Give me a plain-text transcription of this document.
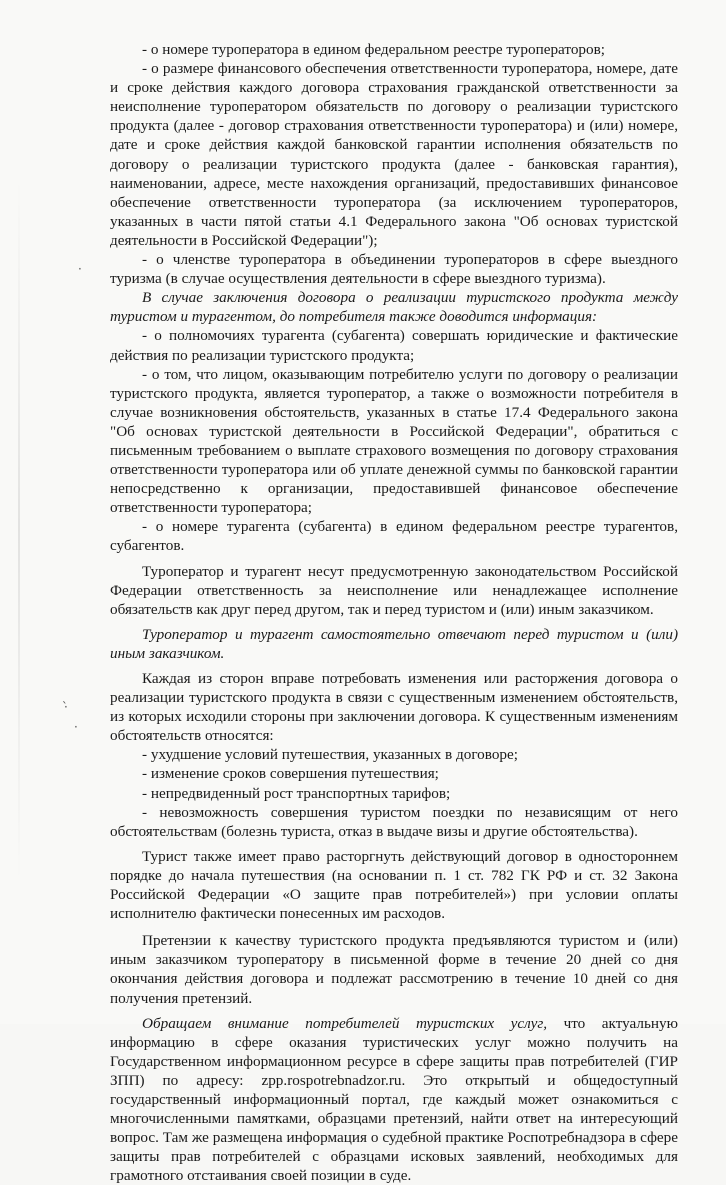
·
·̀
·

- о номере туроператора в едином федеральном реестре туроператоров;

- о размере финансового обеспечения ответственности туроператора, номере, дате и сроке действия каждого договора страхования гражданской ответственности за неисполнение туроператором обязательств по договору о реализации туристского продукта (далее - договор страхования ответственности туроператора) и (или) номере, дате и сроке действия каждой банковской гарантии исполнения обязательств по договору о реализации туристского продукта (далее - банковская гарантия), наименовании, адресе, месте нахождения организаций, предоставивших финансовое обеспечение ответственности туроператора (за исключением туроператоров, указанных в части пятой статьи 4.1 Федерального закона "Об основах туристской деятельности в Российской Федерации");

- о членстве туроператора в объединении туроператоров в сфере выездного туризма (в случае осуществления деятельности в сфере выездного туризма).

В случае заключения договора о реализации туристского продукта между туристом и турагентом, до потребителя также доводится информация:

- о полномочиях турагента (субагента) совершать юридические и фактические действия по реализации туристского продукта;

- о том, что лицом, оказывающим потребителю услуги по договору о реализации туристского продукта, являетcя туроператор, а также о возможности потребителя в случае возникновения обстоятельств, указанных в статье 17.4 Федерального закона "Об основах туристской деятельности в Российской Федерации", обратиться с письменным требованием о выплате страхового возмещения по договору страхования ответственности туроператора или об уплате денежной суммы по банковской гарантии непосредственно к организации, предоставившей финансовое обеспечение ответственности туроператора;

- о номере турагента (субагента) в едином федеральном реестре турагентов, субагентов.

Туроператор и турагент несут предусмотренную законодательством Российской Федерации ответственность за неисполнение или ненадлежащее исполнение обязательств как друг перед другом, так и перед туристом и (или) иным заказчиком.

Туроператор и турагент самостоятельно отвечают перед туристом и (или) иным заказчиком.

Каждая из сторон вправе потребовать изменения или расторжения договора о реализации туристского продукта в связи с существенным изменением обстоятельств, из которых исходили стороны при заключении договора. К существенным изменениям обстоятельств относятся:

- ухудшение условий путешествия, указанных в договоре;

- изменение сроков совершения путешествия;

- непредвиденный рост транспортных тарифов;

- невозможность совершения туристом поездки по независящим от него обстоятельствам (болезнь туриста, отказ в выдаче визы и другие обстоятельства).

Турист также имеет право расторгнуть действующий договор в одностороннем порядке до начала путешествия (на основании п. 1 ст. 782 ГК РФ и ст. 32 Закона Российской Федерации «О защите прав потребителей») при условии оплаты исполнителю фактически понесенных им расходов.

Претензии к качеству туристского продукта предъявляются туристом и (или) иным заказчиком туроператору в письменной форме в течение 20 дней со дня окончания действия договора и подлежат рассмотрению в течение 10 дней со дня получения претензий.

Обращаем внимание потребителей туристских услуг, что актуальную информацию в сфере оказания туристических услуг можно получить на Государственном информационном ресурсе в сфере защиты прав потребителей (ГИР ЗПП) по адресу: zpp.rospotrebnadzor.ru. Это открытый и общедоступный государственный информационный портал, где каждый может ознакомиться с многочисленными памятками, образцами претензий, найти ответ на интересующий вопрос. Там же размещена информация о судебной практике Роспотребнадзора в сфере защиты прав потребителей с образцами исковых заявлений, необходимых для грамотного отстаивания своей позиции в суде.
